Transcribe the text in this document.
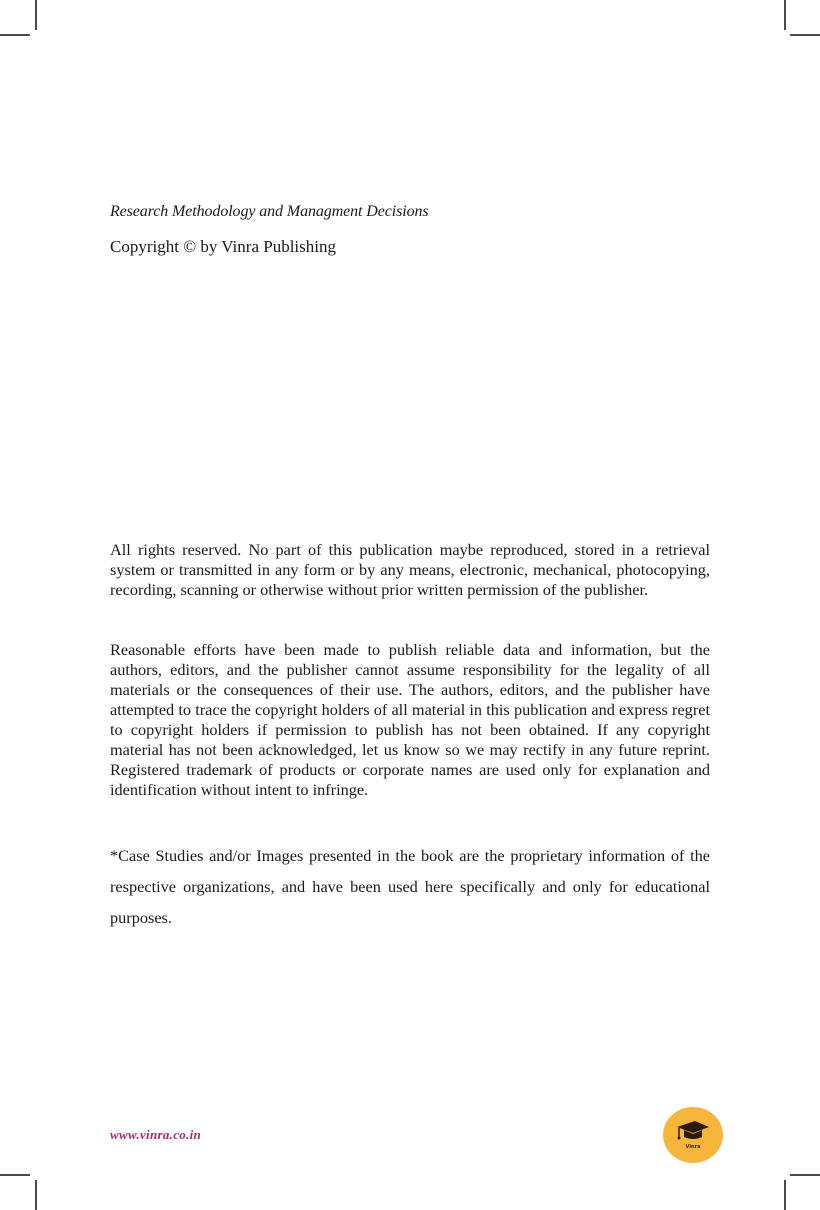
Research Methodology and Managment Decisions
Copyright © by Vinra Publishing

All rights reserved. No part of this publication maybe reproduced, stored in a retrieval system or transmitted in any form or by any means, electronic, mechanical, photocopying, recording, scanning or otherwise without prior written permission of the publisher.

Reasonable efforts have been made to publish reliable data and information, but the authors, editors, and the publisher cannot assume responsibility for the legality of all materials or the consequences of their use. The authors, editors, and the publisher have attempted to trace the copyright holders of all material in this publication and express regret to copyright holders if permission to publish has not been obtained. If any copyright material has not been acknowledged, let us know so we may rectify in any future reprint. Registered trademark of products or corporate names are used only for explanation and identification without intent to infringe.

*Case Studies and/or Images presented in the book are the proprietary information of the respective organizations, and have been used here specifically and only for educational purposes.

www.vinra.co.in
Vinra
